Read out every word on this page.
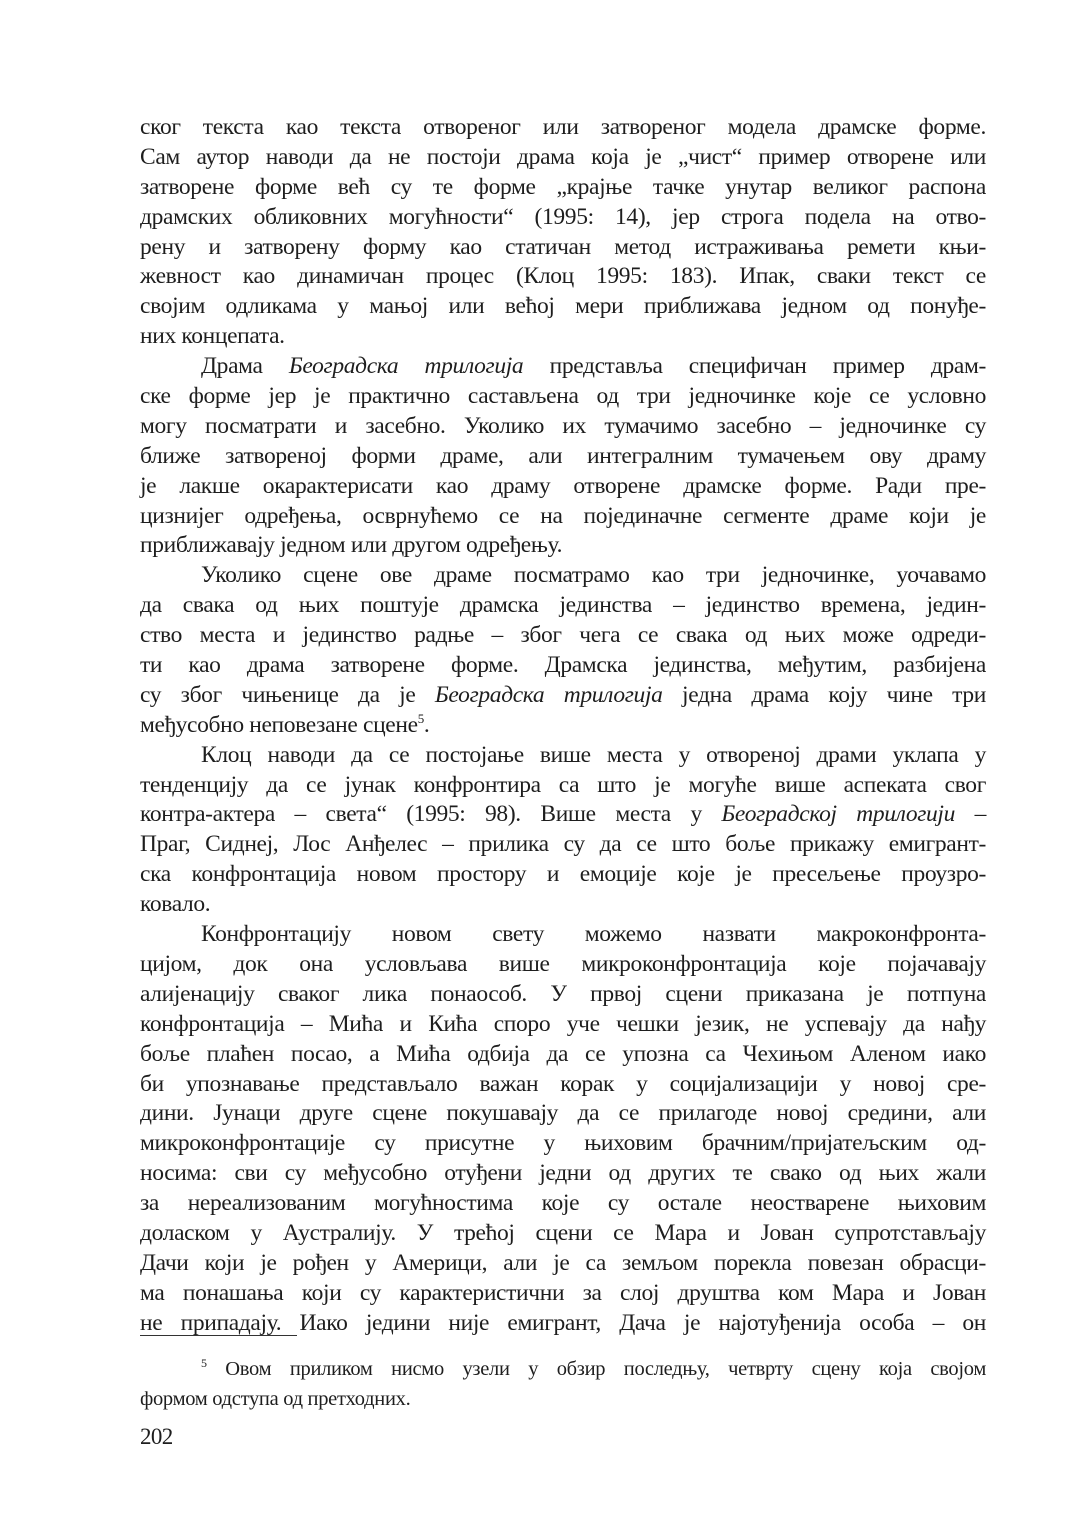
ског текста као текста отвореног или затвореног модела драмске форме.
Сам аутор наводи да не постоји драма која је „чист“ пример отворене или
затворене форме већ су те форме „крајње тачке унутар великог распона
драмских обликовних могућности“ (1995: 14), јер строга подела на отво-
рену и затворену форму као статичан метод истраживања ремети књи-
жевност као динамичан процес (Клоц 1995: 183). Ипак, сваки текст се
својим одликама у мањој или већој мери приближава једном од понуђе-
них концепата.
Драма Београдска трилогија представља специфичан пример драм-
ске форме јер је практично састављена од три једночинке које се условно
могу посматрати и засебно. Уколико их тумачимо засебно – једночинке су
ближе затвореној форми драме, али интегралним тумачењем ову драму
је лакше окарактерисати као драму отворене драмске форме. Ради пре-
цизнијег одређења, осврнућемо се на појединачне сегменте драме који је
приближавају једном или другом одређењу.
Уколико сцене ове драме посматрамо као три једночинке, уочавамо
да свака од њих поштује драмска јединства – јединство времена, једин-
ство места и јединство радње – због чега се свака од њих може одреди-
ти као драма затворене форме. Драмска јединства, међутим, разбијена
су због чињенице да је Београдска трилогија једна драма коју чине три
међусобно неповезане сцене$^5$.
Клоц наводи да се постојање више места у отвореној драми уклапа у
тенденцију да се јунак конфронтира са што је могуће више аспеката свог
контра-актера – света“ (1995: 98). Више места у Београдској трилогији –
Праг, Сиднеј, Лос Анђелес – прилика су да се што боље прикажу емигрант-
ска конфронтација новом простору и емоције које је пресељење проузро-
ковало.
Конфронтацију новом свету можемо назвати макроконфронта-
цијом, док она условљава више микроконфронтација које појачавају
алијенацију сваког лика понаособ. У првој сцени приказана је потпуна
конфронтација – Мића и Кића споро уче чешки језик, не успевају да нађу
боље плаћен посао, а Мића одбија да се упозна са Чехињом Аленом иако
би упознавање представљало важан корак у социјализацији у новој сре-
дини. Јунаци друге сцене покушавају да се прилагоде новој средини, али
микроконфронтације су присутне у њиховим брачним/пријатељским од-
носима: сви су међусобно отуђени једни од других те свако од њих жали
за нереализованим могућностима које су остале неостварене њиховим
доласком у Аустралију. У трећој сцени се Мара и Јован супротстављају
Дачи који је рођен у Америци, али је са земљом порекла повезан обрасци-
ма понашања који су карактеристични за слој друштва ком Мара и Јован
не припадају. Иако једини није емигрант, Дача је најотуђенија особа – он
$^5$ Овом приликом нисмо узели у обзир последњу, четврту сцену која својом
формом одступа од претходних.
202
